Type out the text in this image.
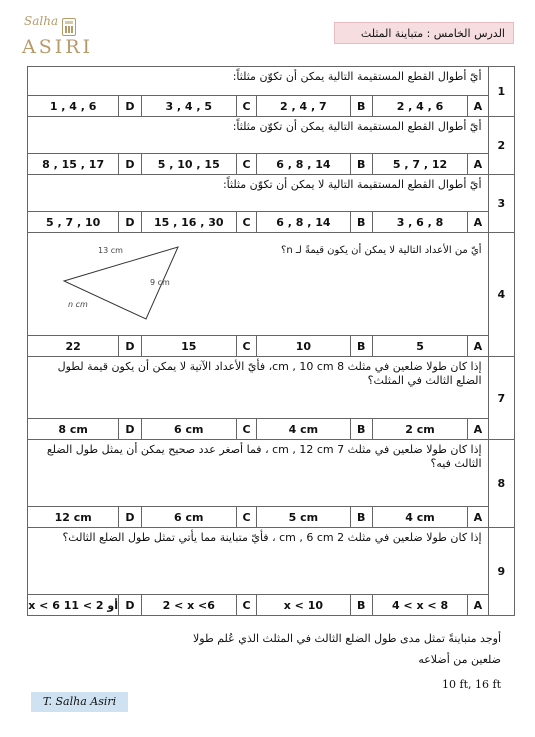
Salha
ASIRI
الدرس الخامس : متباينة المثلث
أيّ أطوال القطع المستقيمة التالية يمكن أن تكوّن مثلثاً:								1
1 , 4 , 6	D	3 , 4 , 5	C	2 , 4 , 7	B	2 , 4 , 6	A	
أيّ أطوال القطع المستقيمة التالية يمكن أن تكوّن مثلثاً:								2
8 , 15 , 17	D	5 , 10 , 15	C	6 , 8 , 14	B	5 , 7 , 12	A	
أيّ أطوال القطع المستقيمة التالية لا يمكن أن تكوّن مثلثاً:								3
5 , 7 , 10	D	15 , 16 , 30	C	6 , 8 , 14	B	3 , 6 , 8	A	

أيّ من الأعداد التالية لا يمكن أن يكون قيمةً لـ n؟
13 cm
9 cm
n cm								4
22	D	15	C	10	B	5	A	
إذا كان طولا ضلعين في مثلث 8 cm , 10 cm، فأيّ الأعداد الآتية لا يمكن أن يكون قيمة لطول الضلع الثالث في المثلث؟								7
8 cm	D	6 cm	C	4 cm	B	2 cm	A	
إذا كان طولا ضلعين في مثلث 7 cm , 12 cm ، فما أصغر عدد صحيح يمكن أن يمثل طول الضلع الثالث فيه؟								8
12 cm	D	6 cm	C	5 cm	B	4 cm	A	
إذا كان طولا ضلعين في مثلث 2 cm , 6 cm ، فأيّ متباينة مما يأتي تمثل طول الضلع الثالث؟								9
x < 6 أو 2 > 11	D	2 < x <6	C	x < 10	B	4 < x < 8	A	
أوجد متباينةً تمثل مدى طول الضلع الثالث في المثلث الذي عُلم طولا
ضلعين من أضلاعه
10 ft, 16 ft
T. Salha Asiri
